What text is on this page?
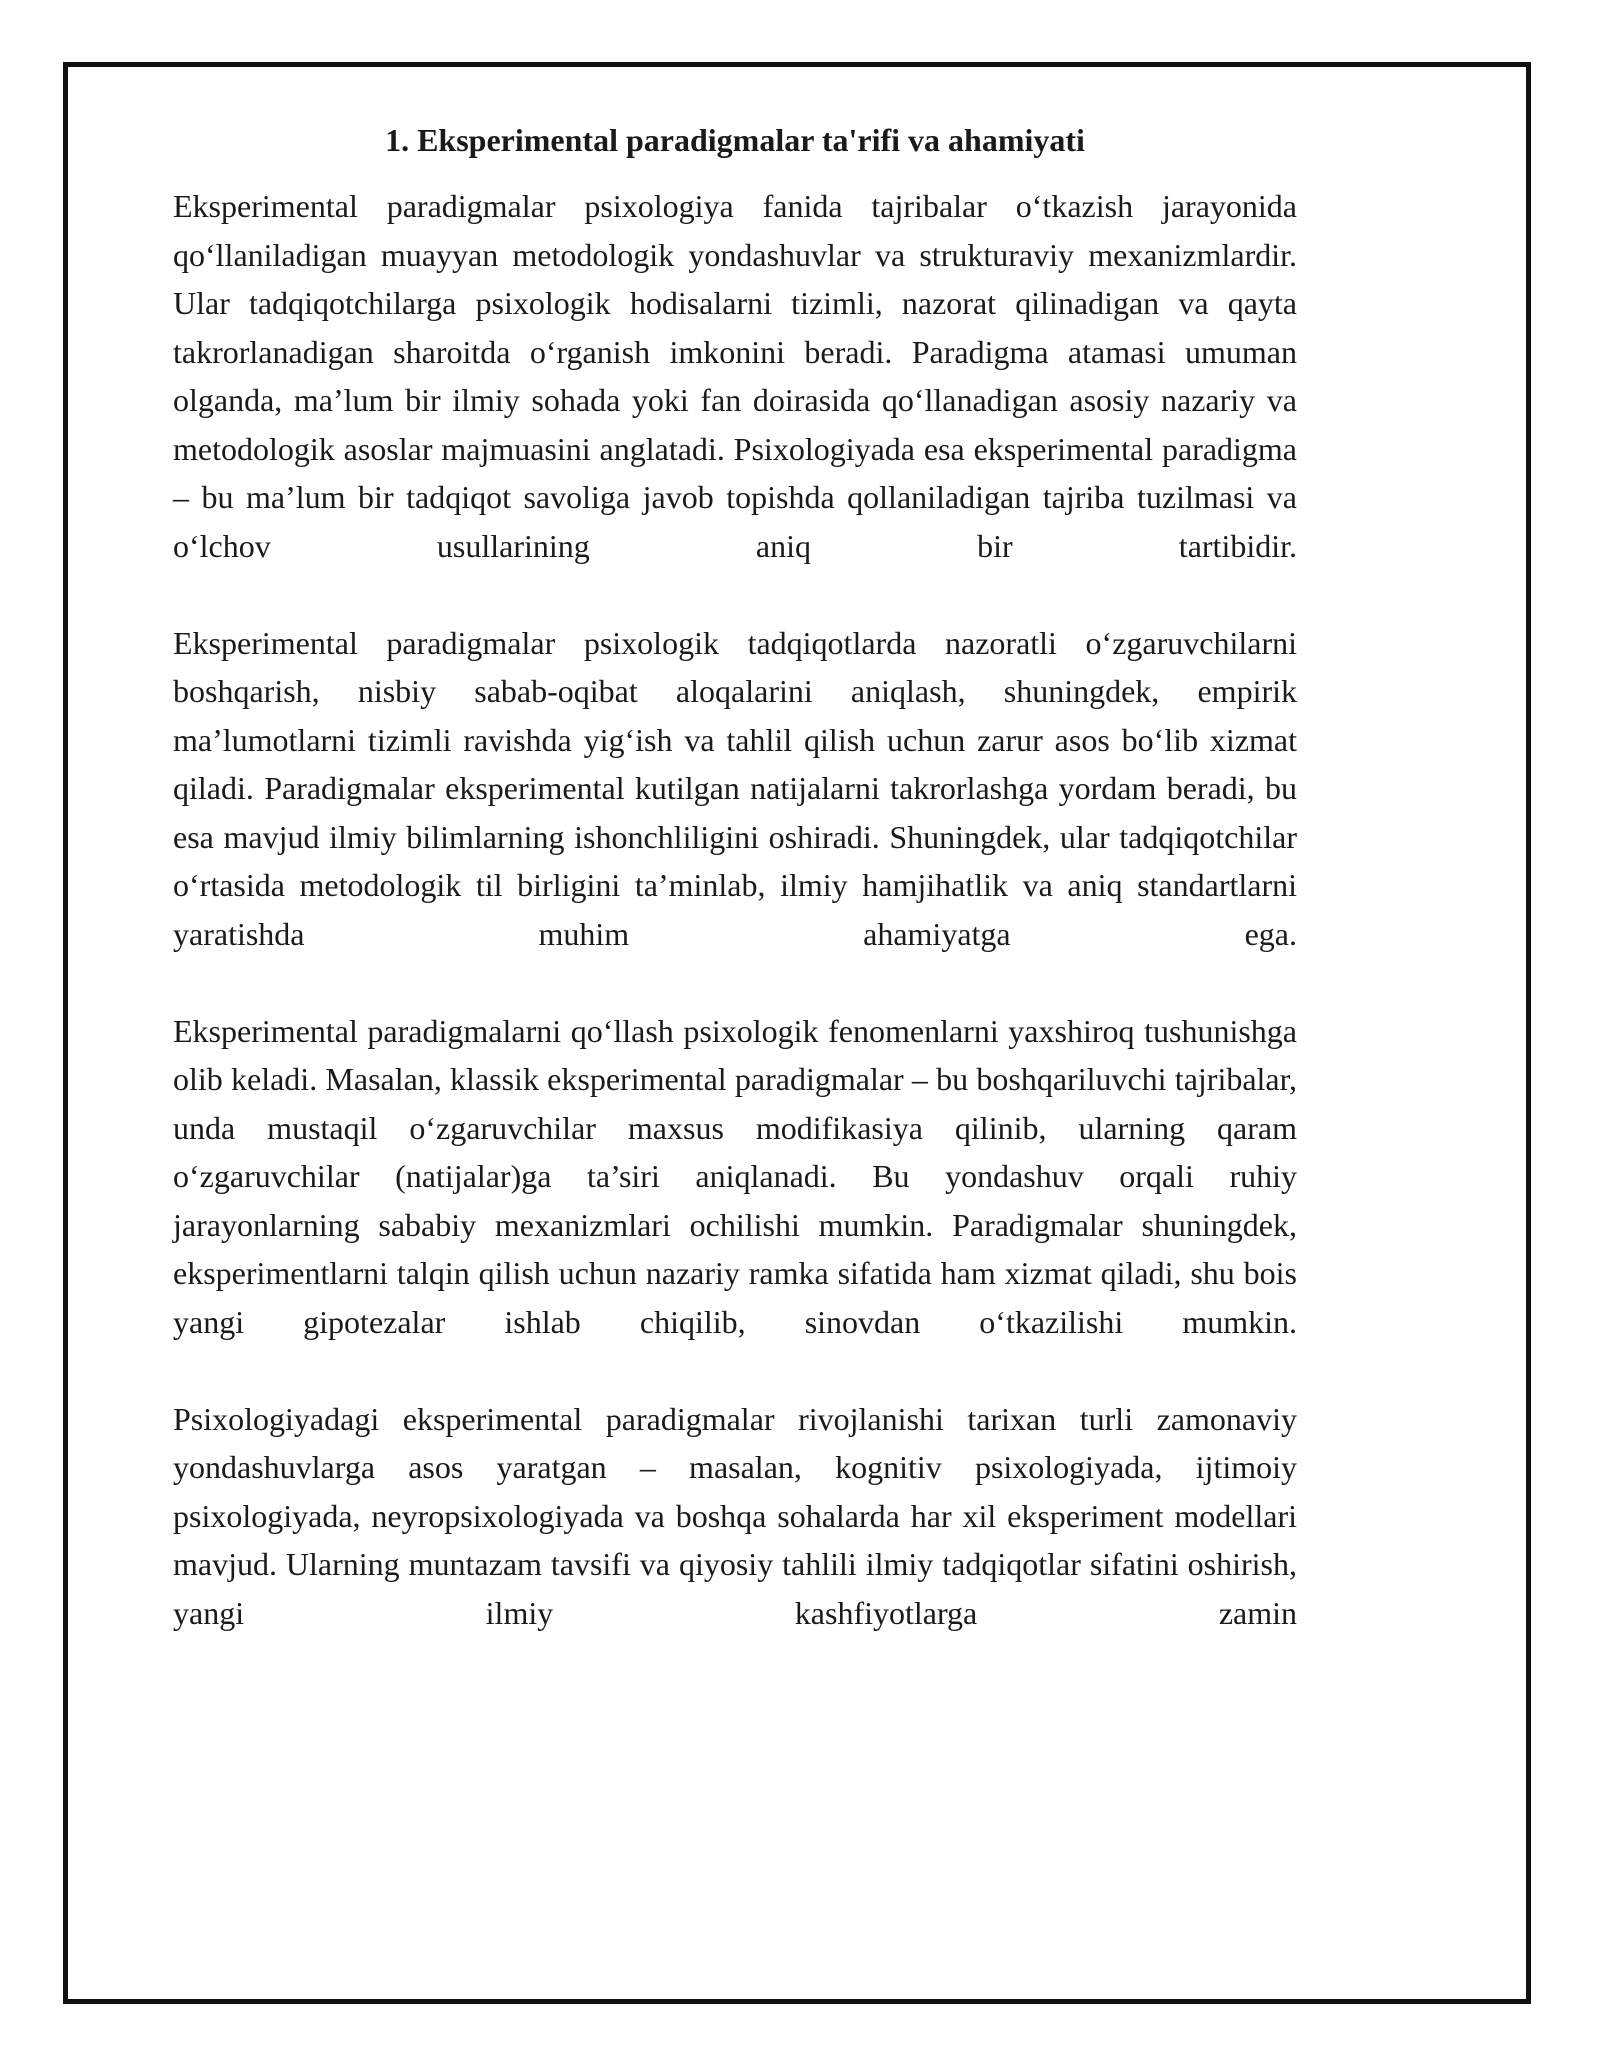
1. Eksperimental paradigmalar ta'rifi va ahamiyati

Eksperimental paradigmalar psixologiya fanida tajribalar oʻtkazish jarayonida qoʻllaniladigan muayyan metodologik yondashuvlar va strukturaviy mexanizmlardir. Ular tadqiqotchilarga psixologik hodisalarni tizimli, nazorat qilinadigan va qayta takrorlanadigan sharoitda oʻrganish imkonini beradi. Paradigma atamasi umuman olganda, ma’lum bir ilmiy sohada yoki fan doirasida qoʻllanadigan asosiy nazariy va metodologik asoslar majmuasini anglatadi. Psixologiyada esa eksperimental paradigma – bu ma’lum bir tadqiqot savoliga javob topishda qollaniladigan tajriba tuzilmasi va oʻlchov usullarining aniq bir tartibidir.

Eksperimental paradigmalar psixologik tadqiqotlarda nazoratli oʻzgaruvchilarni boshqarish, nisbiy sabab-oqibat aloqalarini aniqlash, shuningdek, empirik ma’lumotlarni tizimli ravishda yigʻish va tahlil qilish uchun zarur asos boʻlib xizmat qiladi. Paradigmalar eksperimental kutilgan natijalarni takrorlashga yordam beradi, bu esa mavjud ilmiy bilimlarning ishonchliligini oshiradi. Shuningdek, ular tadqiqotchilar oʻrtasida metodologik til birligini ta’minlab, ilmiy hamjihatlik va aniq standartlarni yaratishda muhim ahamiyatga ega.

Eksperimental paradigmalarni qoʻllash psixologik fenomenlarni yaxshiroq tushunishga olib keladi. Masalan, klassik eksperimental paradigmalar – bu boshqariluvchi tajribalar, unda mustaqil oʻzgaruvchilar maxsus modifikasiya qilinib, ularning qaram oʻzgaruvchilar (natijalar)ga ta’siri aniqlanadi. Bu yondashuv orqali ruhiy jarayonlarning sababiy mexanizmlari ochilishi mumkin. Paradigmalar shuningdek, eksperimentlarni talqin qilish uchun nazariy ramka sifatida ham xizmat qiladi, shu bois yangi gipotezalar ishlab chiqilib, sinovdan oʻtkazilishi mumkin.

Psixologiyadagi eksperimental paradigmalar rivojlanishi tarixan turli zamonaviy yondashuvlarga asos yaratgan – masalan, kognitiv psixologiyada, ijtimoiy psixologiyada, neyropsixologiyada va boshqa sohalarda har xil eksperiment modellari mavjud. Ularning muntazam tavsifi va qiyosiy tahlili ilmiy tadqiqotlar sifatini oshirish, yangi ilmiy kashfiyotlarga zamin
